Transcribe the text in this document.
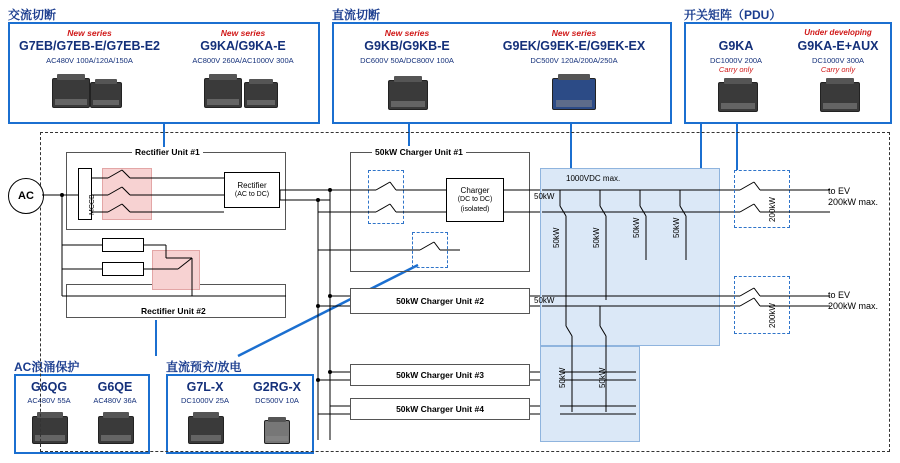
交流切断
New series
G7EB/G7EB-E/G7EB-E2
AC480V 100A/120A/150A
New series
G9KA/G9KA-E
AC800V 260A/AC1000V 300A
直流切断
New series
G9KB/G9KB-E
DC600V 50A/DC800V 100A
New series
G9EK/G9EK-E/G9EK-EX
DC500V 120A/200A/250A
开关矩阵（PDU）
G9KA
DC1000V 200A
Carry only
Under developing
G9KA-E+AUX
DC1000V 300A
Carry only
AC浪涌保护
G6QG
AC480V 55A
G6QE
AC480V 36A
直流预充/放电
G7L-X
DC1000V 25A
G2RG-X
DC500V 10A
Rectifier Unit #1
Rectifier Unit #2
AC	MCCB
Rectifier
(AC to DC)
50kW Charger Unit #1
Charger
(DC to DC)
(isolated)
50kW Charger Unit #2
50kW Charger Unit #3
50kW Charger Unit #4
1000VDC max.
50kW	50kW	50kW	50kW
50kW	50kW
50kW
50kW
200kW
200kW
to EV
200kW max.
to EV
200kW max.
